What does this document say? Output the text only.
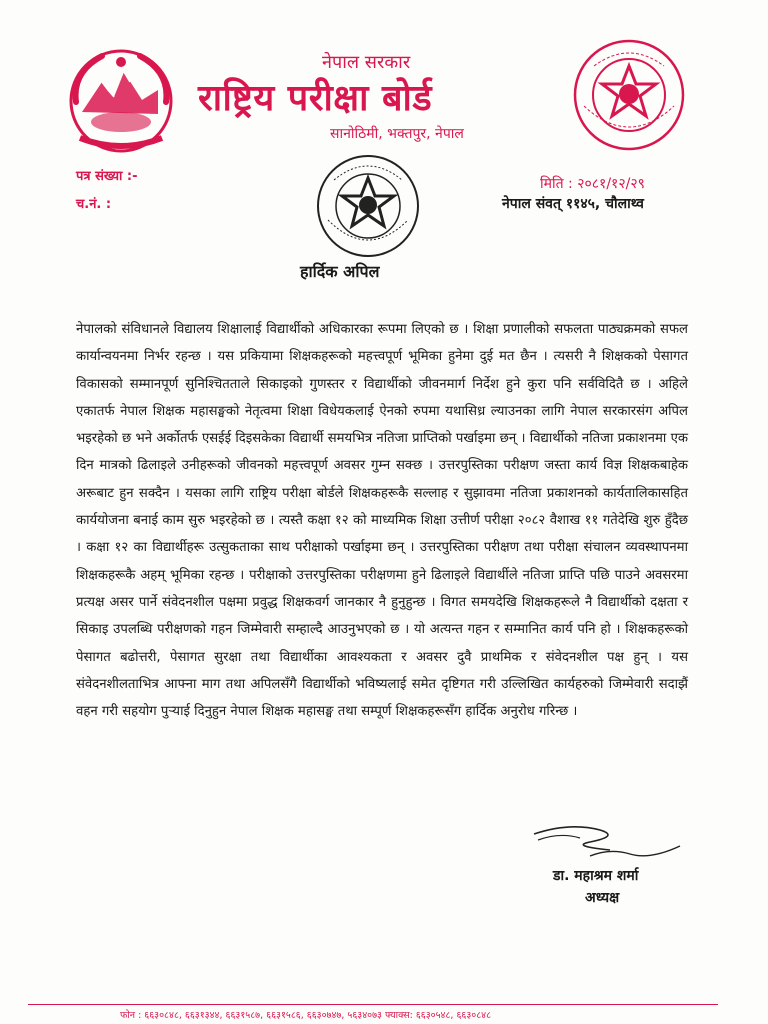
नेपाल सरकार
राष्ट्रिय परीक्षा बोर्ड
सानोठिमी, भक्तपुर, नेपाल
पत्र संख्या :-
च.नं. :
मिति : २०८१/१२/२९
नेपाल संवत् ११४५, चौलाथ्व
हार्दिक अपिल

नेपालको संविधानले विद्यालय शिक्षालाई विद्यार्थीको अधिकारका रूपमा लिएको छ । शिक्षा प्रणालीको सफलता पाठ्यक्रमको सफल कार्यान्वयनमा निर्भर रहन्छ । यस प्रकियामा शिक्षकहरूको महत्त्वपूर्ण भूमिका हुनेमा दुई मत छैन । त्यसरी नै शिक्षकको पेसागत विकासको सम्मानपूर्ण सुनिश्चितताले सिकाइको गुणस्तर र विद्यार्थीको जीवनमार्ग निर्देश हुने कुरा पनि सर्वविदितै छ । अहिले एकातर्फ नेपाल शिक्षक महासङ्घको नेतृत्वमा शिक्षा विधेयकलाई ऐनको रुपमा यथासिध्र ल्याउनका लागि नेपाल सरकारसंग अपिल भइरहेको छ भने अर्कोतर्फ एसईई दिइसकेका विद्यार्थी समयभित्र नतिजा प्राप्तिको पर्खाइमा छन् । विद्यार्थीको नतिजा प्रकाशनमा एक दिन मात्रको ढिलाइले उनीहरूको जीवनको महत्त्वपूर्ण अवसर गुम्न सक्छ । उत्तरपुस्तिका परीक्षण जस्ता कार्य विज्ञ शिक्षकबाहेक अरूबाट हुन सक्दैन । यसका लागि राष्ट्रिय परीक्षा बोर्डले शिक्षकहरूकै सल्लाह र सुझावमा नतिजा प्रकाशनको कार्यतालिकासहित कार्ययोजना बनाई काम सुरु भइरहेको छ । त्यस्तै कक्षा १२ को माध्यमिक शिक्षा उत्तीर्ण परीक्षा २०८२ वैशाख ११ गतेदेखि शुरु हुँदैछ । कक्षा १२ का विद्यार्थीहरू उत्सुकताका साथ परीक्षाको पर्खाइमा छन् । उत्तरपुस्तिका परीक्षण तथा परीक्षा संचालन व्यवस्थापनमा शिक्षकहरूकै अहम् भूमिका रहन्छ । परीक्षाको उत्तरपुस्तिका परीक्षणमा हुने ढिलाइले विद्यार्थीले नतिजा प्राप्ति पछि पाउने अवसरमा प्रत्यक्ष असर पार्ने संवेदनशील पक्षमा प्रवुद्ध शिक्षकवर्ग जानकार नै हुनुहुन्छ । विगत समयदेखि शिक्षकहरूले नै विद्यार्थीको दक्षता र सिकाइ उपलब्धि परीक्षणको गहन जिम्मेवारी सम्हाल्दै आउनुभएको छ । यो अत्यन्त गहन र सम्मानित कार्य पनि हो । शिक्षकहरूको पेसागत बढोत्तरी, पेसागत सुरक्षा तथा विद्यार्थीका आवश्यकता र अवसर दुवै प्राथमिक र संवेदनशील पक्ष हुन् । यस संवेदनशीलताभित्र आफ्ना माग तथा अपिलसँगै विद्यार्थीको भविष्यलाई समेत दृष्टिगत गरी उल्लिखित कार्यहरुको जिम्मेवारी सदाझैं वहन गरी सहयोग पुऱ्याई दिनुहुन नेपाल शिक्षक महासङ्घ तथा सम्पूर्ण शिक्षकहरूसँग हार्दिक अनुरोध गरिन्छ ।

डा. महाश्रम शर्मा
अध्यक्ष
फोन : ६६३०८४८, ६६३१३४४, ६६३१५८७, ६६३१५८६, ६६३०७४७, ५६३४०७३ फ्याक्स: ६६३०५४८, ६६३०८४८
